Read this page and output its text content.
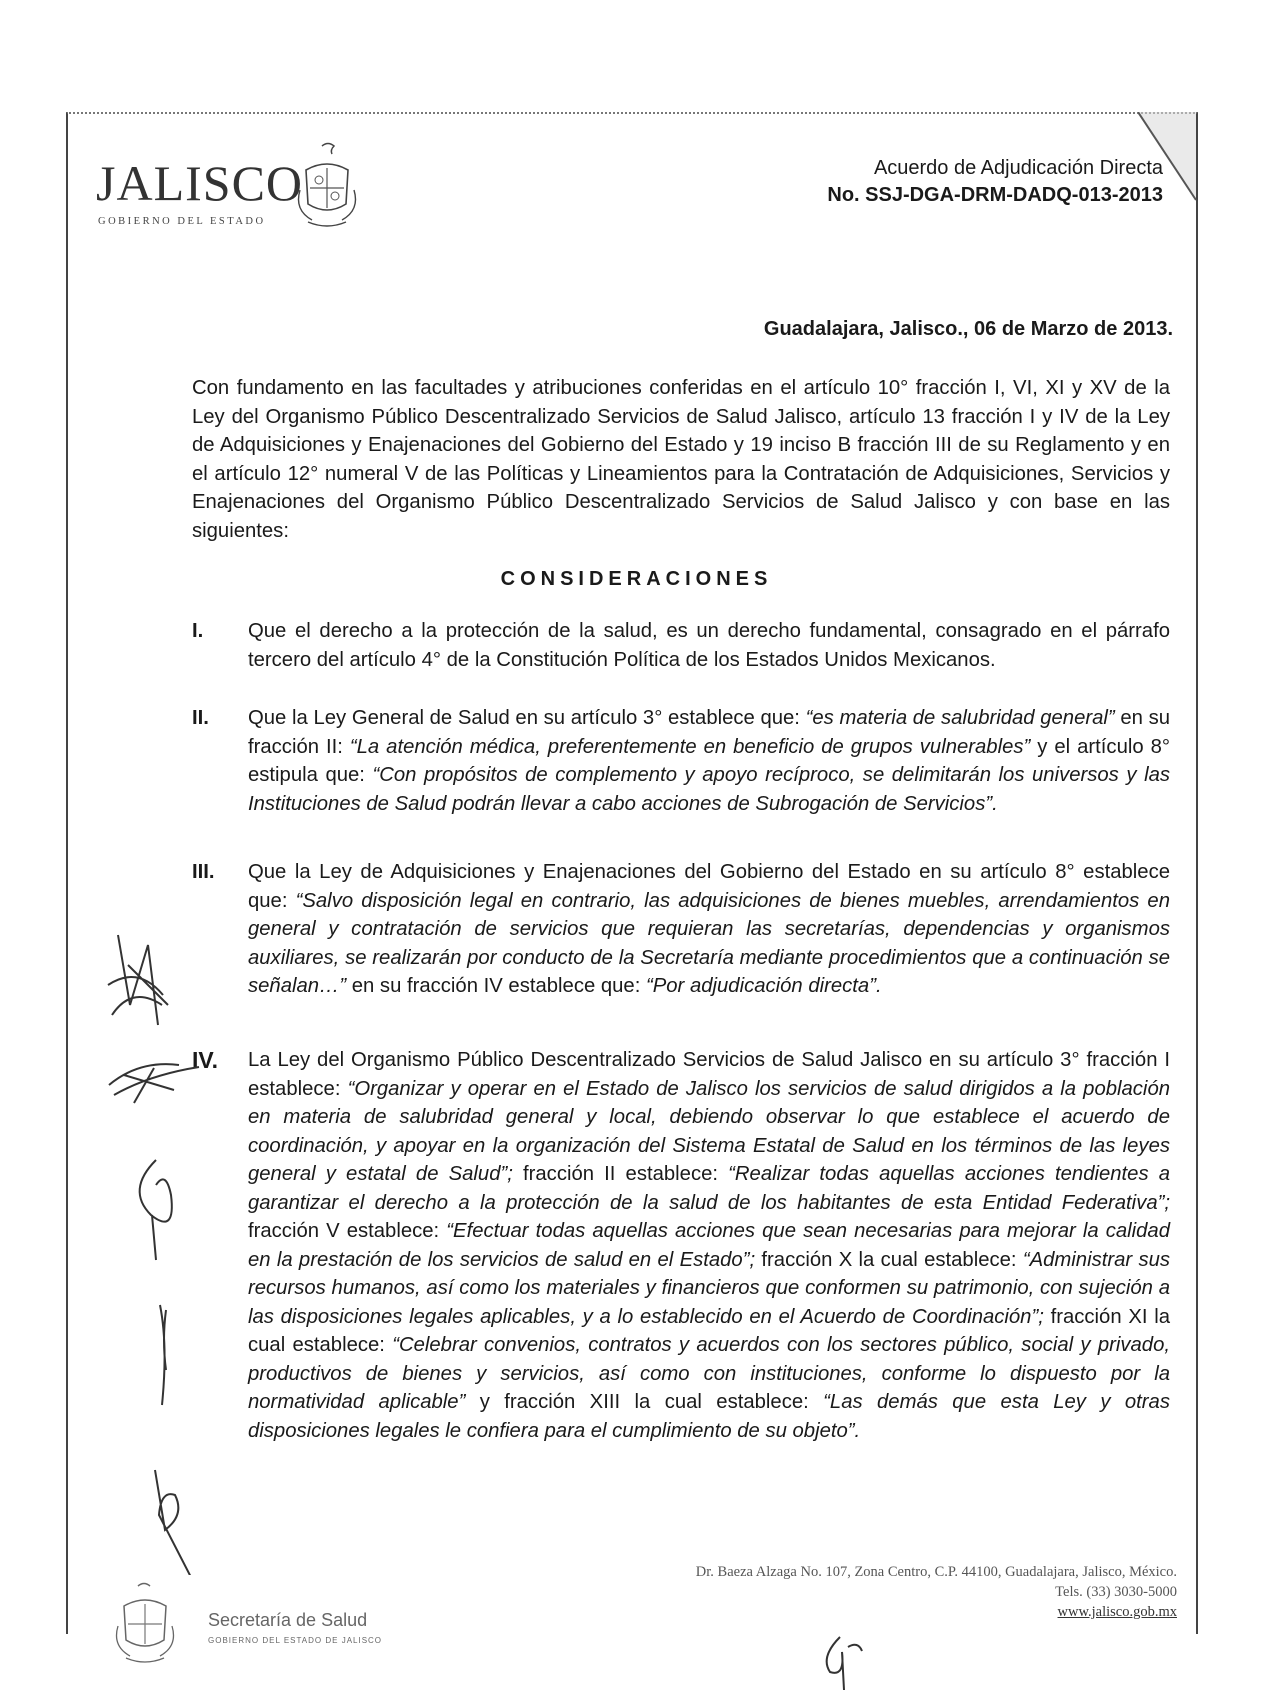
JALISCO
GOBIERNO DEL ESTADO
Acuerdo de Adjudicación Directa
No. SSJ-DGA-DRM-DADQ-013-2013
Guadalajara, Jalisco., 06 de Marzo de 2013.

Con fundamento en las facultades y atribuciones conferidas en el artículo 10° fracción I, VI, XI y XV de la Ley del Organismo Público Descentralizado Servicios de Salud Jalisco, artículo 13 fracción I y IV de la Ley de Adquisiciones y Enajenaciones del Gobierno del Estado y 19 inciso B fracción III de su Reglamento y en el artículo 12° numeral V de las Políticas y Lineamientos para la Contratación de Adquisiciones, Servicios y Enajenaciones del Organismo Público Descentralizado Servicios de Salud Jalisco y con base en las siguientes:

CONSIDERACIONES
I. Que el derecho a la protección de la salud, es un derecho fundamental, consagrado en el párrafo tercero del artículo 4° de la Constitución Política de los Estados Unidos Mexicanos.
II. Que la Ley General de Salud en su artículo 3° establece que: “es materia de salubridad general” en su fracción II: “La atención médica, preferentemente en beneficio de grupos vulnerables” y el artículo 8° estipula que: “Con propósitos de complemento y apoyo recíproco, se delimitarán los universos y las Instituciones de Salud podrán llevar a cabo acciones de Subrogación de Servicios”.
III. Que la Ley de Adquisiciones y Enajenaciones del Gobierno del Estado en su artículo 8° establece que: “Salvo disposición legal en contrario, las adquisiciones de bienes muebles, arrendamientos en general y contratación de servicios que requieran las secretarías, dependencias y organismos auxiliares, se realizarán por conducto de la Secretaría mediante procedimientos que a continuación se señalan…” en su fracción IV establece que: “Por adjudicación directa”.
IV. La Ley del Organismo Público Descentralizado Servicios de Salud Jalisco en su artículo 3° fracción I establece: “Organizar y operar en el Estado de Jalisco los servicios de salud dirigidos a la población en materia de salubridad general y local, debiendo observar lo que establece el acuerdo de coordinación, y apoyar en la organización del Sistema Estatal de Salud en los términos de las leyes general y estatal de Salud”; fracción II establece: “Realizar todas aquellas acciones tendientes a garantizar el derecho a la protección de la salud de los habitantes de esta Entidad Federativa”; fracción V establece: “Efectuar todas aquellas acciones que sean necesarias para mejorar la calidad en la prestación de los servicios de salud en el Estado”; fracción X la cual establece: “Administrar sus recursos humanos, así como los materiales y financieros que conformen su patrimonio, con sujeción a las disposiciones legales aplicables, y a lo establecido en el Acuerdo de Coordinación”; fracción XI la cual establece: “Celebrar convenios, contratos y acuerdos con los sectores público, social y privado, productivos de bienes y servicios, así como con instituciones, conforme lo dispuesto por la normatividad aplicable” y fracción XIII la cual establece: “Las demás que esta Ley y otras disposiciones legales le confiera para el cumplimiento de su objeto”.
Dr. Baeza Alzaga No. 107, Zona Centro, C.P. 44100, Guadalajara, Jalisco, México.
Tels. (33) 3030-5000
www.jalisco.gob.mx
Secretaría de Salud
GOBIERNO DEL ESTADO DE JALISCO
